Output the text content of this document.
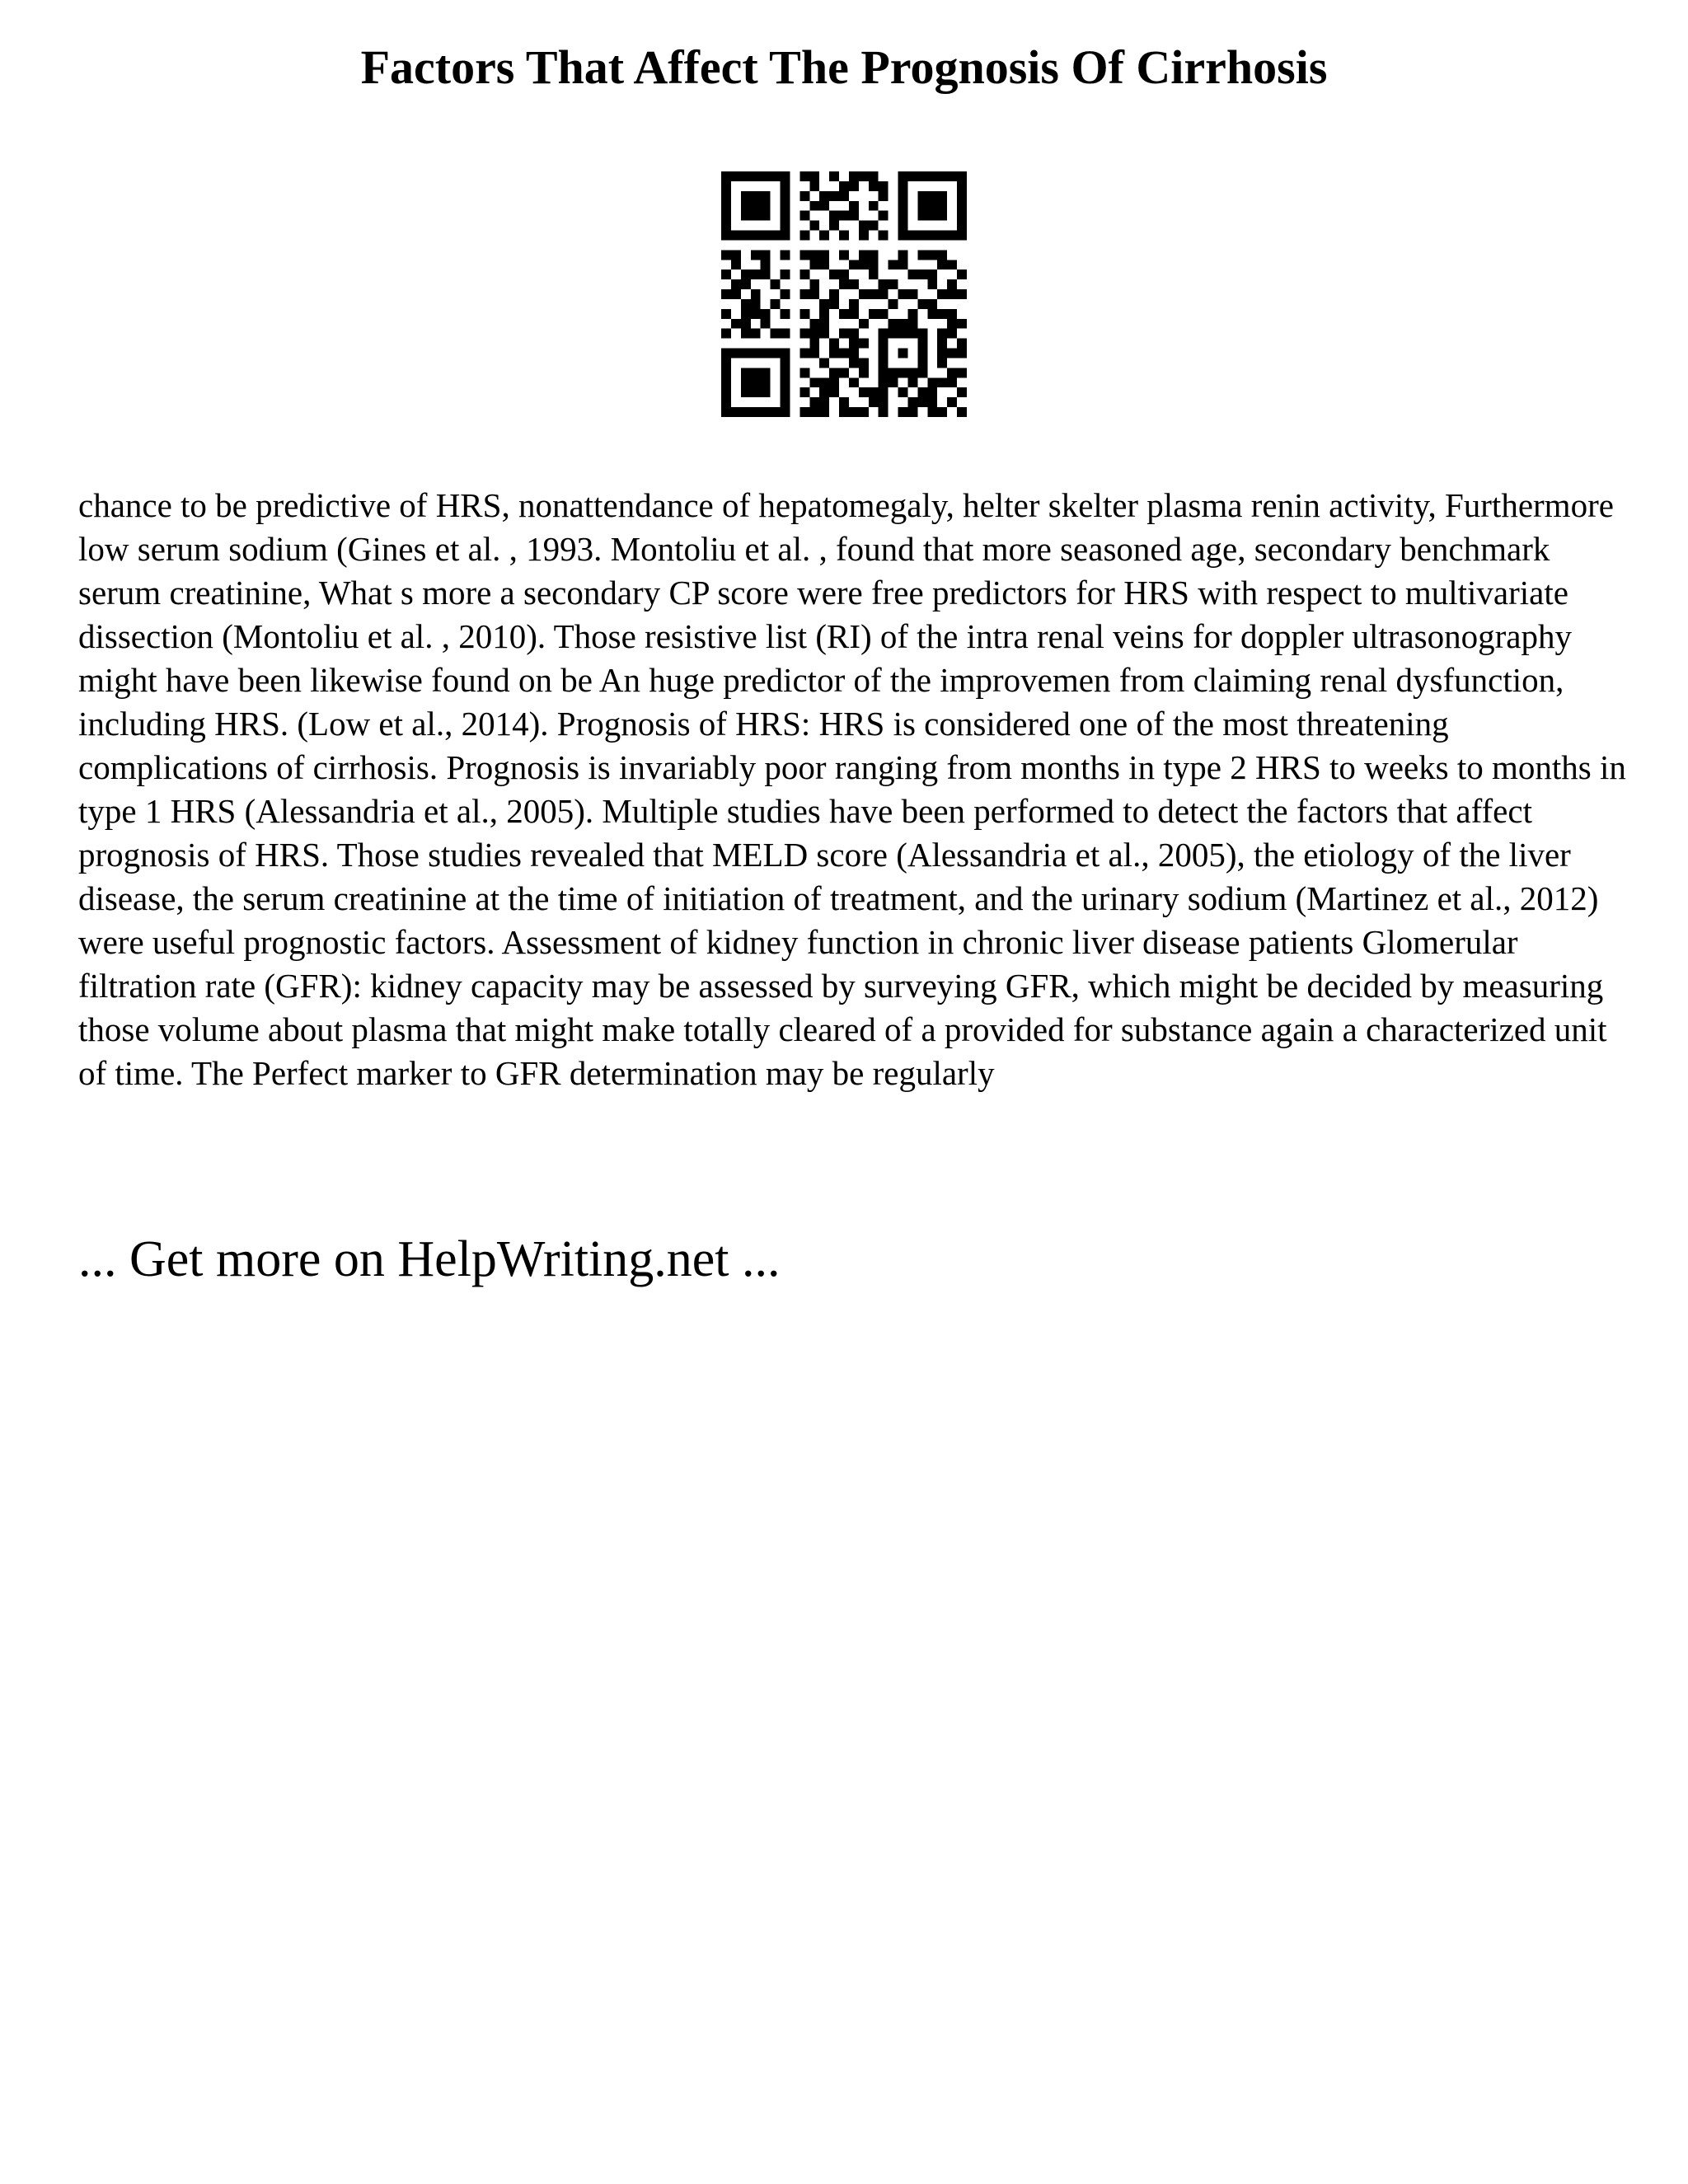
Factors That Affect The Prognosis Of Cirrhosis

chance to be predictive of HRS, nonattendance of hepatomegaly, helter skelter plasma renin activity, Furthermore low serum sodium (Gines et al. , 1993. Montoliu et al. , found that more seasoned age, secondary benchmark serum creatinine, What s more a secondary CP score were free predictors for HRS with respect to multivariate dissection (Montoliu et al. , 2010). Those resistive list (RI) of the intra renal veins for doppler ultrasonography might have been likewise found on be An huge predictor of the improvemen from claiming renal dysfunction, including HRS. (Low et al., 2014). Prognosis of HRS: HRS is considered one of the most threatening complications of cirrhosis. Prognosis is invariably poor ranging from months in type 2 HRS to weeks to months in type 1 HRS (Alessandria et al., 2005). Multiple studies have been performed to detect the factors that affect prognosis of HRS. Those studies revealed that MELD score (Alessandria et al., 2005), the etiology of the liver disease, the serum creatinine at the time of initiation of treatment, and the urinary sodium (Martinez et al., 2012) were useful prognostic factors. Assessment of kidney function in chronic liver disease patients Glomerular filtration rate (GFR): kidney capacity may be assessed by surveying GFR, which might be decided by measuring those volume about plasma that might make totally cleared of a provided for substance again a characterized unit of time. The Perfect marker to GFR determination may be regularly

... Get more on HelpWriting.net ...
